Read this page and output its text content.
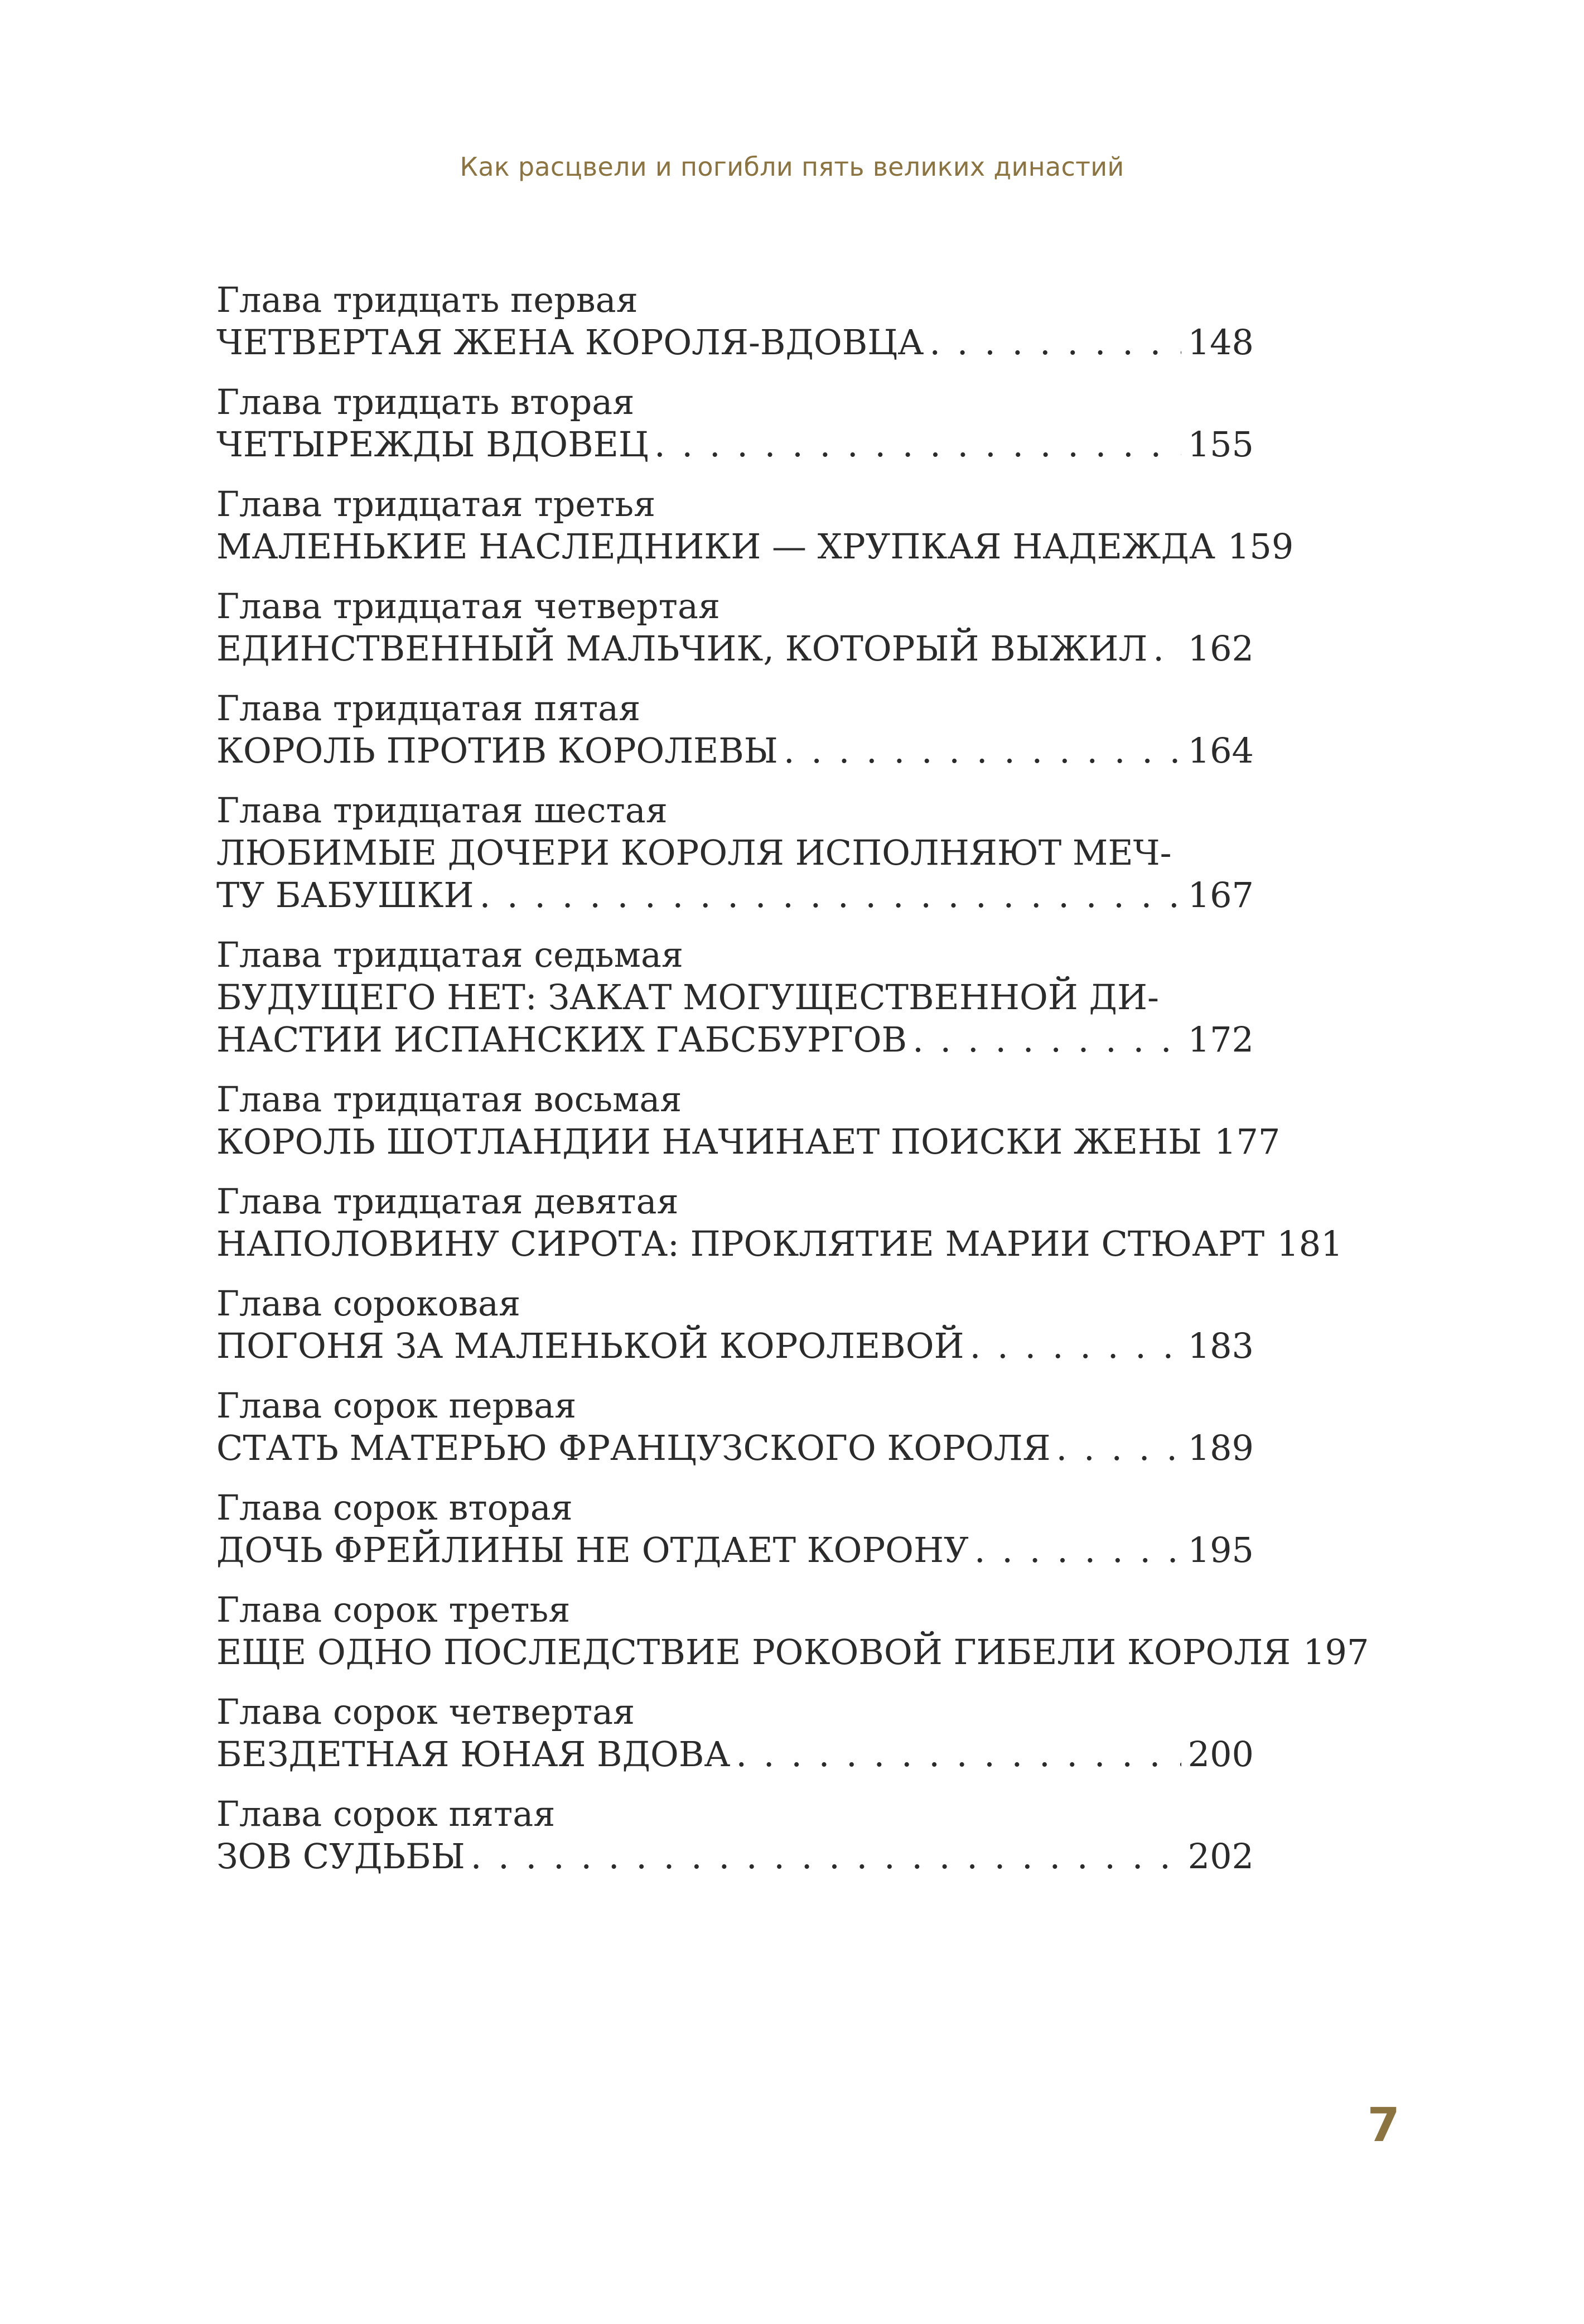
Как расцвели и погибли пять великих династий
Глава тридцать первая
ЧЕТВЕРТАЯ ЖЕНА КОРОЛЯ-ВДОВЦА . . .	148
Глава тридцать вторая
ЧЕТЫРЕЖДЫ ВДОВЕЦ . . .	155
Глава тридцатая третья
МАЛЕНЬКИЕ НАСЛЕДНИКИ — ХРУПКАЯ НАДЕЖДА 159
Глава тридцатая четвертая
ЕДИНСТВЕННЫЙ МАЛЬЧИК, КОТОРЫЙ ВЫЖИЛ . . . 162
Глава тридцатая пятая
КОРОЛЬ ПРОТИВ КОРОЛЕВЫ . . .	164
Глава тридцатая шестая
ЛЮБИМЫЕ ДОЧЕРИ КОРОЛЯ ИСПОЛНЯЮТ МЕЧ-
ТУ БАБУШКИ . . .	167
Глава тридцатая седьмая
БУДУЩЕГО НЕТ: ЗАКАТ МОГУЩЕСТВЕННОЙ ДИ-
НАСТИИ ИСПАНСКИХ ГАБСБУРГОВ . . .	172
Глава тридцатая восьмая
КОРОЛЬ ШОТЛАНДИИ НАЧИНАЕТ ПОИСКИ ЖЕНЫ 177
Глава тридцатая девятая
НАПОЛОВИНУ СИРОТА: ПРОКЛЯТИЕ МАРИИ СТЮАРТ 181
Глава сороковая
ПОГОНЯ ЗА МАЛЕНЬКОЙ КОРОЛЕВОЙ . . .	183
Глава сорок первая
СТАТЬ МАТЕРЬЮ ФРАНЦУЗСКОГО КОРОЛЯ . . .	189
Глава сорок вторая
ДОЧЬ ФРЕЙЛИНЫ НЕ ОТДАЕТ КОРОНУ . . .	195
Глава сорок третья
ЕЩЕ ОДНО ПОСЛЕДСТВИЕ РОКОВОЙ ГИБЕЛИ КОРОЛЯ 197
Глава сорок четвертая
БЕЗДЕТНАЯ ЮНАЯ ВДОВА . . .	200
Глава сорок пятая
ЗОВ СУДЬБЫ . . .	202
7
